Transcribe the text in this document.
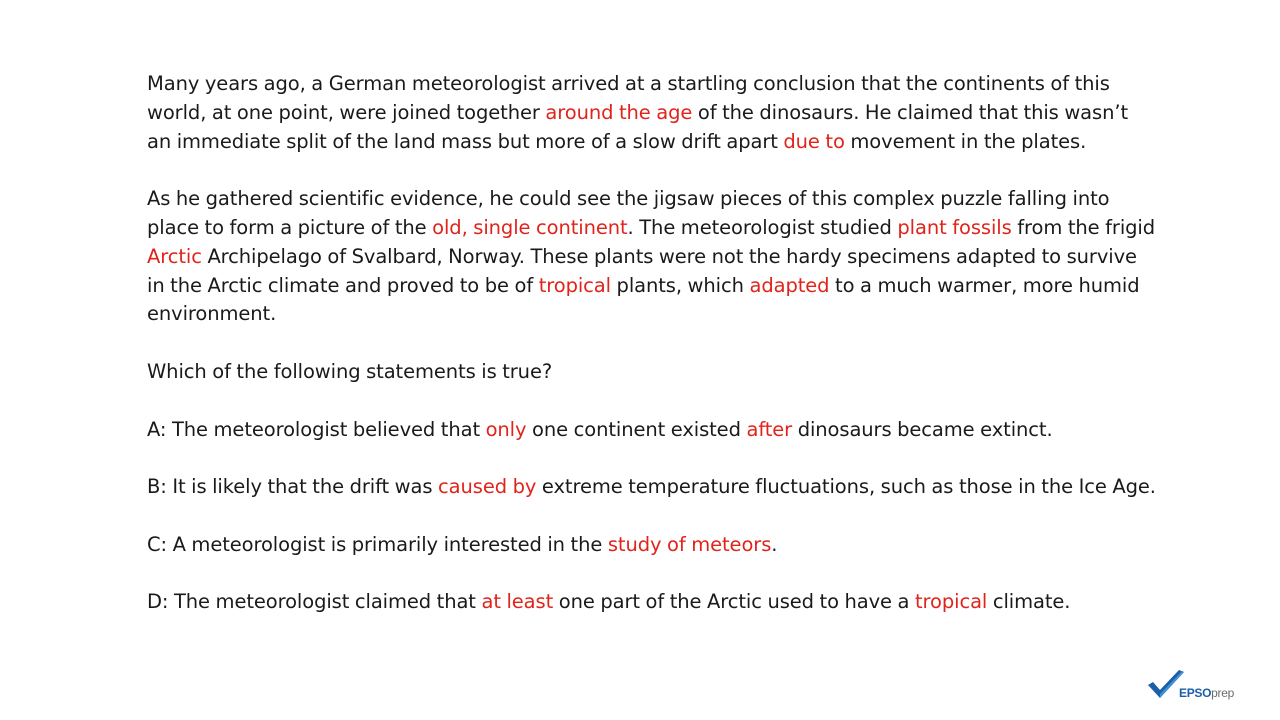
Many years ago, a German meteorologist arrived at a startling conclusion that the continents of this world, at one point, were joined together around the age of the dinosaurs. He claimed that this wasn’t an immediate split of the land mass but more of a slow drift apart due to movement in the plates.

As he gathered scientific evidence, he could see the jigsaw pieces of this complex puzzle falling into place to form a picture of the old, single continent. The meteorologist studied plant fossils from the frigid Arctic Archipelago of Svalbard, Norway. These plants were not the hardy specimens adapted to survive in the Arctic climate and proved to be of tropical plants, which adapted to a much warmer, more humid environment.

Which of the following statements is true?

A: The meteorologist believed that only one continent existed after dinosaurs became extinct.

B: It is likely that the drift was caused by extreme temperature fluctuations, such as those in the Ice Age.

C: A meteorologist is primarily interested in the study of meteors.

D: The meteorologist claimed that at least one part of the Arctic used to have a tropical climate.

EPSOprep
